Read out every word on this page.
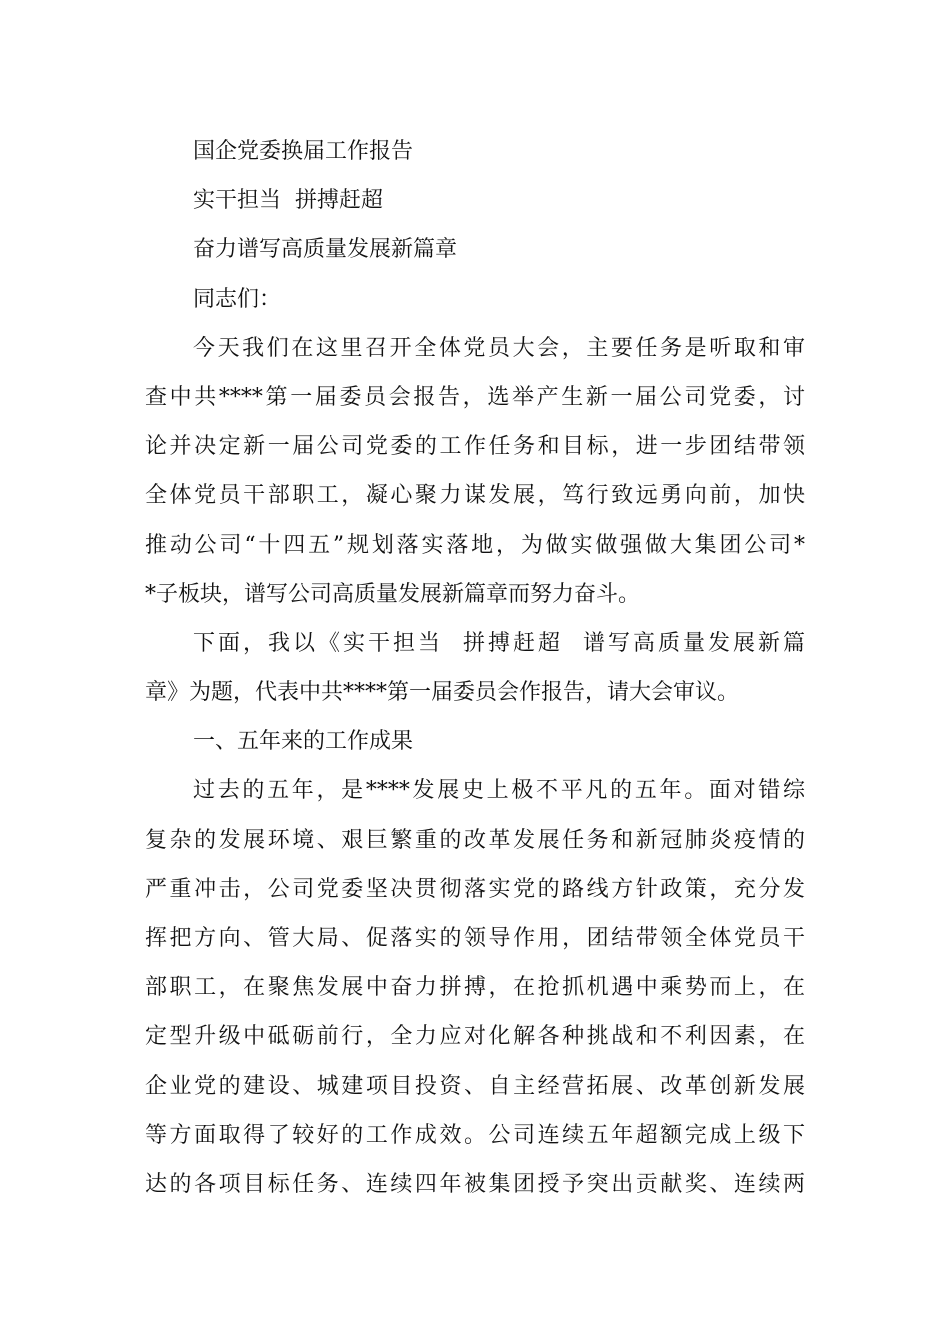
国企党委换届工作报告
实干担当  拼搏赶超
奋力谱写高质量发展新篇章
同志们：
今天我们在这里召开全体党员大会，主要任务是听取和审
查中共****第一届委员会报告，选举产生新一届公司党委，讨
论并决定新一届公司党委的工作任务和目标，进一步团结带领
全体党员干部职工，凝心聚力谋发展，笃行致远勇向前，加快
推动公司“十四五”规划落实落地，为做实做强做大集团公司*
*子板块，谱写公司高质量发展新篇章而努力奋斗。
下面，我以《实干担当  拼搏赶超  谱写高质量发展新篇
章》为题，代表中共****第一届委员会作报告，请大会审议。
一、五年来的工作成果
过去的五年，是****发展史上极不平凡的五年。面对错综
复杂的发展环境、艰巨繁重的改革发展任务和新冠肺炎疫情的
严重冲击，公司党委坚决贯彻落实党的路线方针政策，充分发
挥把方向、管大局、促落实的领导作用，团结带领全体党员干
部职工，在聚焦发展中奋力拼搏，在抢抓机遇中乘势而上，在
定型升级中砥砺前行，全力应对化解各种挑战和不利因素，在
企业党的建设、城建项目投资、自主经营拓展、改革创新发展
等方面取得了较好的工作成效。公司连续五年超额完成上级下
达的各项目标任务、连续四年被集团授予突出贡献奖、连续两
